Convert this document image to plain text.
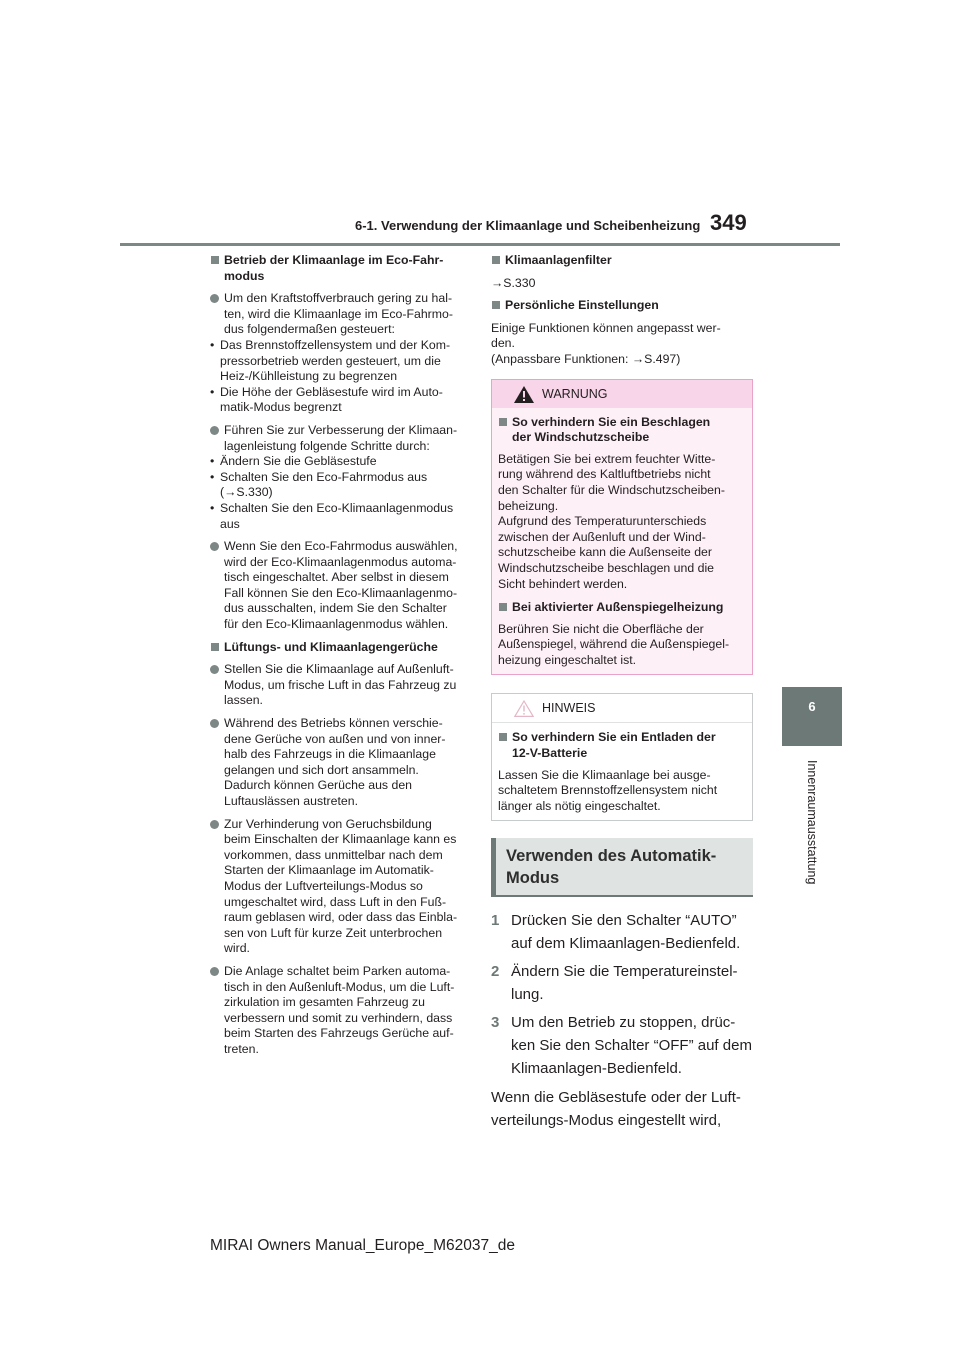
6-1. Verwendung der Klimaanlage und Scheibenheizung 349
6
Innenraumausstattung
Betrieb der Klimaanlage im Eco-Fahr-
modus
Um den Kraftstoffverbrauch gering zu hal-
ten, wird die Klimaanlage im Eco-Fahrmo-
dus folgendermaßen gesteuert:
• Das Brennstoffzellensystem und der Kom-
pressorbetrieb werden gesteuert, um die
Heiz-/Kühlleistung zu begrenzen
• Die Höhe der Gebläsestufe wird im Auto-
matik-Modus begrenzt
Führen Sie zur Verbesserung der Klimaan-
lagenleistung folgende Schritte durch:
• Ändern Sie die Gebläsestufe
• Schalten Sie den Eco-Fahrmodus aus
(→S.330)
• Schalten Sie den Eco-Klimaanlagenmodus
aus
Wenn Sie den Eco-Fahrmodus auswählen,
wird der Eco-Klimaanlagenmodus automa-
tisch eingeschaltet. Aber selbst in diesem
Fall können Sie den Eco-Klimaanlagenmo-
dus ausschalten, indem Sie den Schalter
für den Eco-Klimaanlagenmodus wählen.
Lüftungs- und Klimaanlagengerüche
Stellen Sie die Klimaanlage auf Außenluft-
Modus, um frische Luft in das Fahrzeug zu
lassen.
Während des Betriebs können verschie-
dene Gerüche von außen und von inner-
halb des Fahrzeugs in die Klimaanlage
gelangen und sich dort ansammeln.
Dadurch können Gerüche aus den
Luftauslässen austreten.
Zur Verhinderung von Geruchsbildung
beim Einschalten der Klimaanlage kann es
vorkommen, dass unmittelbar nach dem
Starten der Klimaanlage im Automatik-
Modus der Luftverteilungs-Modus so
umgeschaltet wird, dass Luft in den Fuß-
raum geblasen wird, oder dass das Einbla-
sen von Luft für kurze Zeit unterbrochen
wird.
Die Anlage schaltet beim Parken automa-
tisch in den Außenluft-Modus, um die Luft-
zirkulation im gesamten Fahrzeug zu
verbessern und somit zu verhindern, dass
beim Starten des Fahrzeugs Gerüche auf-
treten.
Klimaanlagenfilter

→S.330

Persönliche Einstellungen

Einige Funktionen können angepasst wer-
den.
(Anpassbare Funktionen: →S.497)

WARNUNG
So verhindern Sie ein Beschlagen
der Windschutzscheibe

Betätigen Sie bei extrem feuchter Witte-
rung während des Kaltluftbetriebs nicht
den Schalter für die Windschutzscheiben-
beheizung.
Aufgrund des Temperaturunterschieds
zwischen der Außenluft und der Wind-
schutzscheibe kann die Außenseite der
Windschutzscheibe beschlagen und die
Sicht behindert werden.

Bei aktivierter Außenspiegelheizung

Berühren Sie nicht die Oberfläche der
Außenspiegel, während die Außenspiegel-
heizung eingeschaltet ist.

HINWEIS
So verhindern Sie ein Entladen der
12-V-Batterie

Lassen Sie die Klimaanlage bei ausge-
schaltetem Brennstoffzellensystem nicht
länger als nötig eingeschaltet.

Verwenden des Automatik-
Modus
1 Drücken Sie den Schalter “AUTO”
auf dem Klimaanlagen-Bedienfeld.
2 Ändern Sie die Temperatureinstel-
lung.
3 Um den Betrieb zu stoppen, drüc-
ken Sie den Schalter “OFF” auf dem
Klimaanlagen-Bedienfeld.

Wenn die Gebläsestufe oder der Luft-
verteilungs-Modus eingestellt wird,

MIRAI Owners Manual_Europe_M62037_de
